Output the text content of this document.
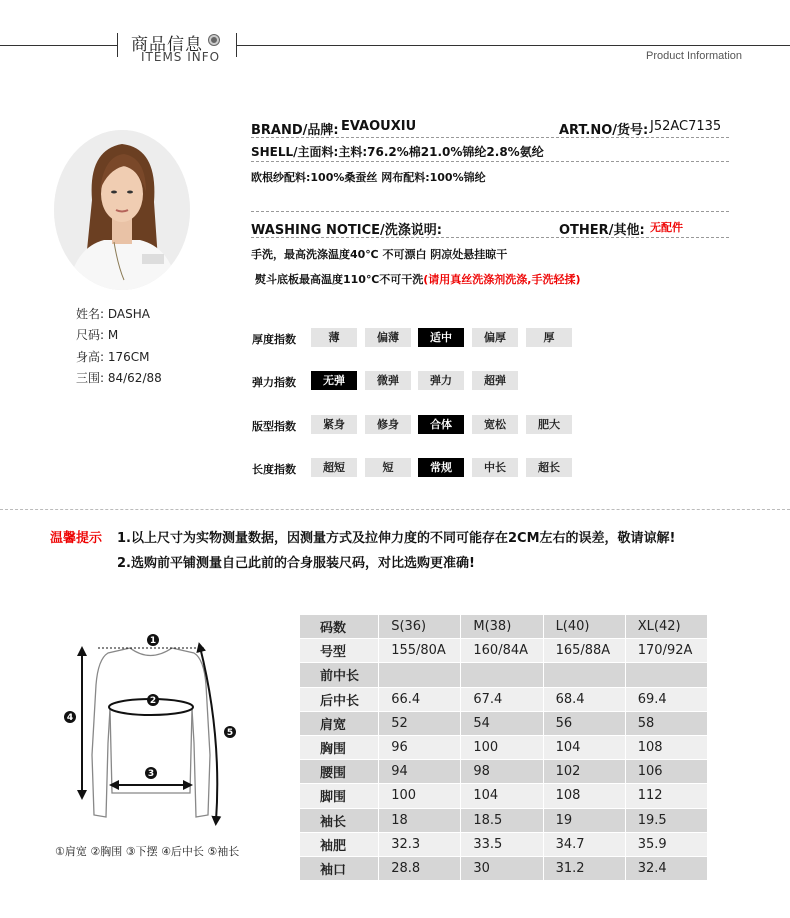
商品信息
ITEMS INFO	Product Information
姓名: DASHA
尺码: M
身高: 176CM
三围: 84/62/88
BRAND/品牌: EVAOUXIU	ART.NO/货号: J52AC7135
SHELL/主面料:主料:76.2%棉21.0%锦纶2.8%氨纶
欧根纱配料:100%桑蚕丝 网布配料:100%锦纶
WASHING NOTICE/洗涤说明:	OTHER/其他: 无配件
手洗，最高洗涤温度40℃ 不可漂白 阴凉处悬挂晾干
熨斗底板最高温度110℃不可干洗(请用真丝洗涤剂洗涤,手洗轻揉)
厚度指数	薄	偏薄	适中	偏厚	厚
弹力指数	无弹	微弹	弹力	超弹
版型指数	紧身	修身	合体	宽松	肥大
长度指数	超短	短	常规	中长	超长
温馨提示 1.以上尺寸为实物测量数据，因测量方式及拉伸力度的不同可能存在2CM左右的误差，敬请谅解!
2.选购前平铺测量自己此前的合身服装尺码，对比选购更准确!
1
2
3
4
5
①肩宽 ②胸围 ③下摆 ④后中长 ⑤袖长
码数	S(36)	M(38)	L(40)	XL(42)
号型	155/80A	160/84A	165/88A	170/92A
前中长				
后中长	66.4	67.4	68.4	69.4
肩宽	52	54	56	58
胸围	96	100	104	108
腰围	94	98	102	106
脚围	100	104	108	112
袖长	18	18.5	19	19.5
袖肥	32.3	33.5	34.7	35.9
袖口	28.8	30	31.2	32.4
